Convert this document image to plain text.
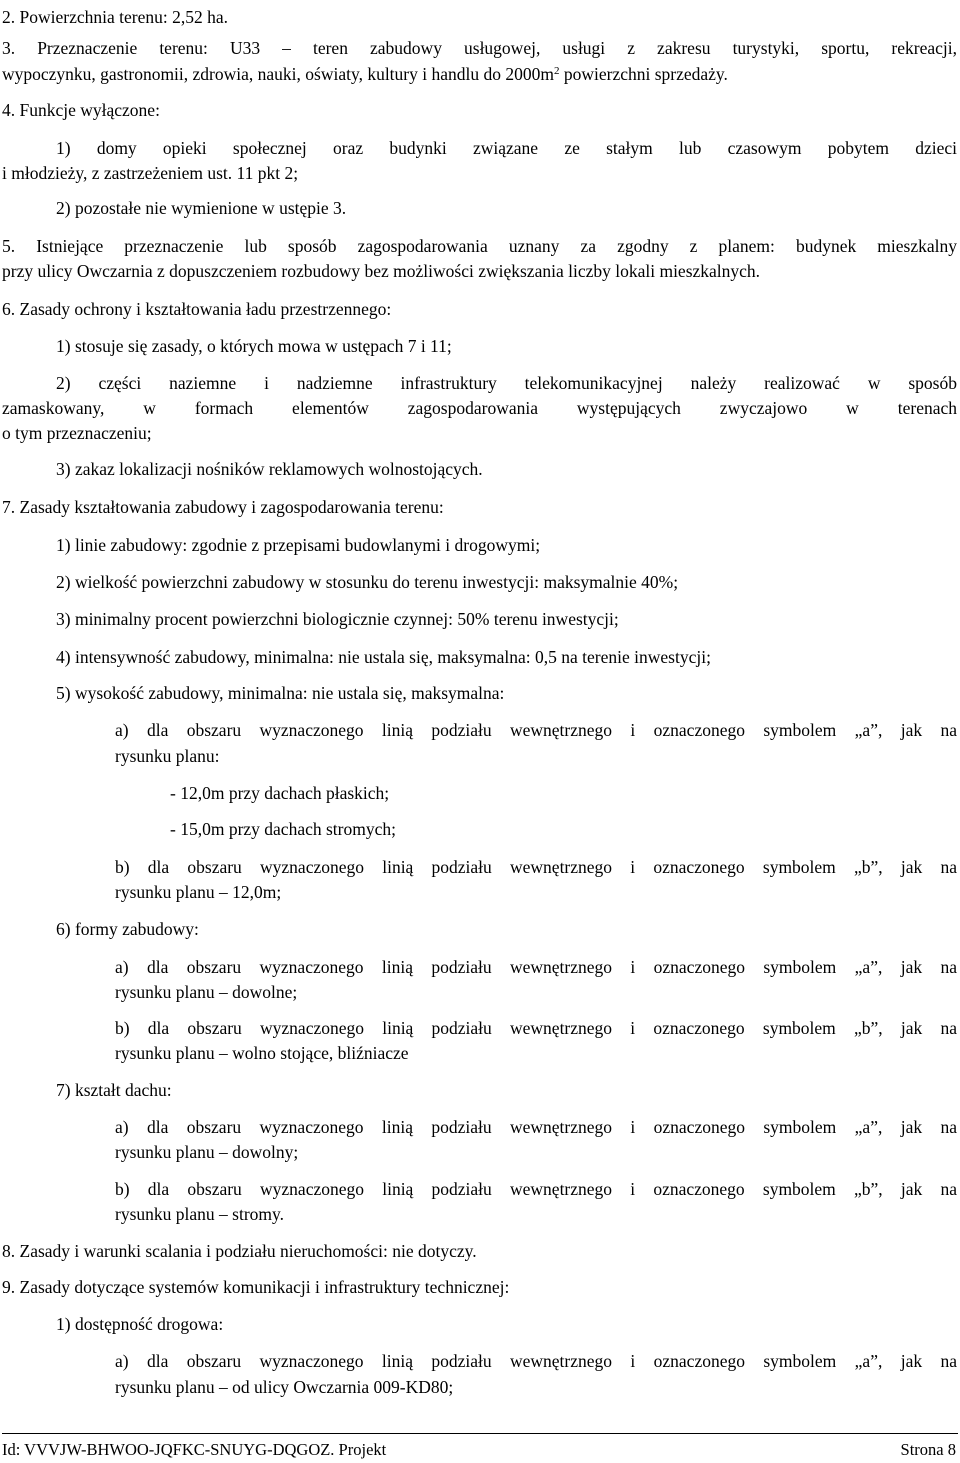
2. Powierzchnia terenu: 2,52 ha.
3. Przeznaczenie terenu: U33 – teren zabudowy usługowej, usługi z zakresu turystyki, sportu, rekreacji,
wypoczynku, gastronomii, zdrowia, nauki, oświaty, kultury i handlu do $2000m^2$ powierzchni sprzedaży.
4. Funkcje wyłączone:
1) domy opieki społecznej oraz budynki związane ze stałym lub czasowym pobytem dzieci
i młodzieży, z zastrzeżeniem ust. 11 pkt 2;
2) pozostałe nie wymienione w ustępie 3.
5. Istniejące przeznaczenie lub sposób zagospodarowania uznany za zgodny z planem: budynek mieszkalny
przy ulicy Owczarnia z dopuszczeniem rozbudowy bez możliwości zwiększania liczby lokali mieszkalnych.
6. Zasady ochrony i kształtowania ładu przestrzennego:
1) stosuje się zasady, o których mowa w ustępach 7 i 11;
2) części naziemne i nadziemne infrastruktury telekomunikacyjnej należy realizować w sposób
zamaskowany, w formach elementów zagospodarowania występujących zwyczajowo w terenach
o tym przeznaczeniu;
3) zakaz lokalizacji nośników reklamowych wolnostojących.
7. Zasady kształtowania zabudowy i zagospodarowania terenu:
1) linie zabudowy: zgodnie z przepisami budowlanymi i drogowymi;
2) wielkość powierzchni zabudowy w stosunku do terenu inwestycji: maksymalnie 40%;
3) minimalny procent powierzchni biologicznie czynnej: 50% terenu inwestycji;
4) intensywność zabudowy, minimalna: nie ustala się, maksymalna: 0,5 na terenie inwestycji;
5) wysokość zabudowy, minimalna: nie ustala się, maksymalna:
a) dla obszaru wyznaczonego linią podziału wewnętrznego i oznaczonego symbolem „a”, jak na
rysunku planu:
- 12,0m przy dachach płaskich;
- 15,0m przy dachach stromych;
b) dla obszaru wyznaczonego linią podziału wewnętrznego i oznaczonego symbolem „b”, jak na
rysunku planu – 12,0m;
6) formy zabudowy:
a) dla obszaru wyznaczonego linią podziału wewnętrznego i oznaczonego symbolem „a”, jak na
rysunku planu – dowolne;
b) dla obszaru wyznaczonego linią podziału wewnętrznego i oznaczonego symbolem „b”, jak na
rysunku planu – wolno stojące, bliźniacze
7) kształt dachu:
a) dla obszaru wyznaczonego linią podziału wewnętrznego i oznaczonego symbolem „a”, jak na
rysunku planu – dowolny;
b) dla obszaru wyznaczonego linią podziału wewnętrznego i oznaczonego symbolem „b”, jak na
rysunku planu – stromy.
8. Zasady i warunki scalania i podziału nieruchomości: nie dotyczy.
9. Zasady dotyczące systemów komunikacji i infrastruktury technicznej:
1) dostępność drogowa:
a) dla obszaru wyznaczonego linią podziału wewnętrznego i oznaczonego symbolem „a”, jak na
rysunku planu – od ulicy Owczarnia 009-KD80;
Id: VVVJW-BHWOO-JQFKC-SNUYG-DQGOZ. Projekt	Strona 8
